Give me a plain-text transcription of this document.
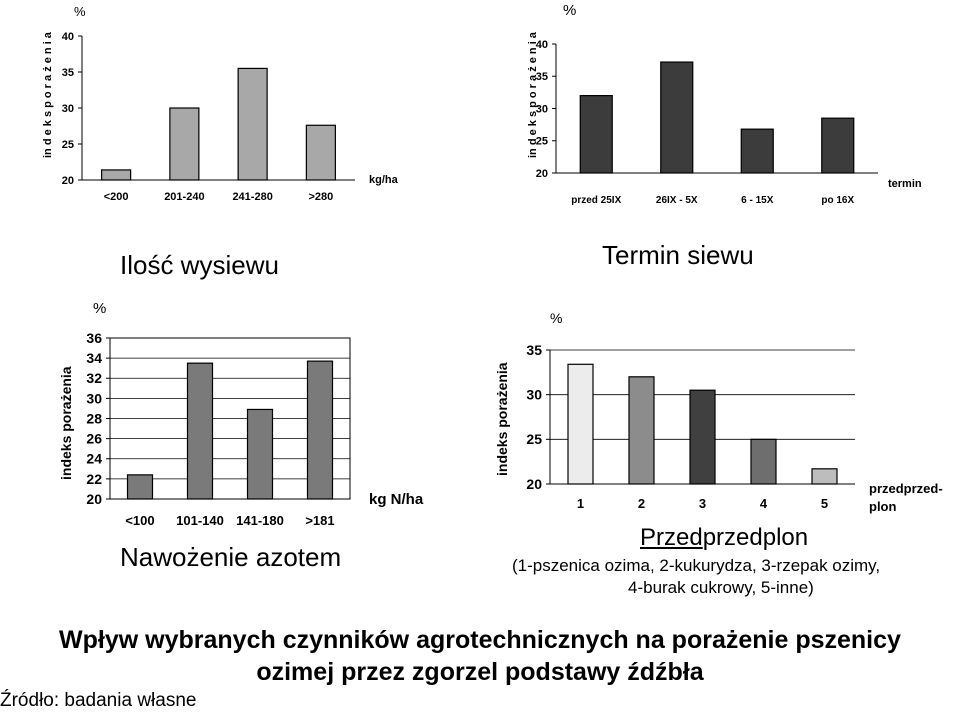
20
25
30
35
40
<200	201-240	241-280	>280
%
in d e k s p o r a ż e n i a
kg/ha
Ilość wysiewu
20
25
30
35
40
przed 25IX	26IX - 5X	6 - 15X	po 16X
%
in d e k s p o r a ż e n i a
termin
Termin siewu
20
22
24
26
28
30
32
34
36
<100 101-140 141-180 >181
%
indeks porażenia
kg N/ha
Nawożenie azotem
20
25
30
35
1	2	3	4	5
%
indeks porażenia
przedprzed-
plon
Przedprzedplon
(1-pszenica ozima, 2-kukurydza, 3-rzepak ozimy,
4-burak cukrowy, 5-inne)
Wpływ wybranych czynników agrotechnicznych na porażenie pszenicy
ozimej przez zgorzel podstawy źdźbła
Źródło: badania własne
